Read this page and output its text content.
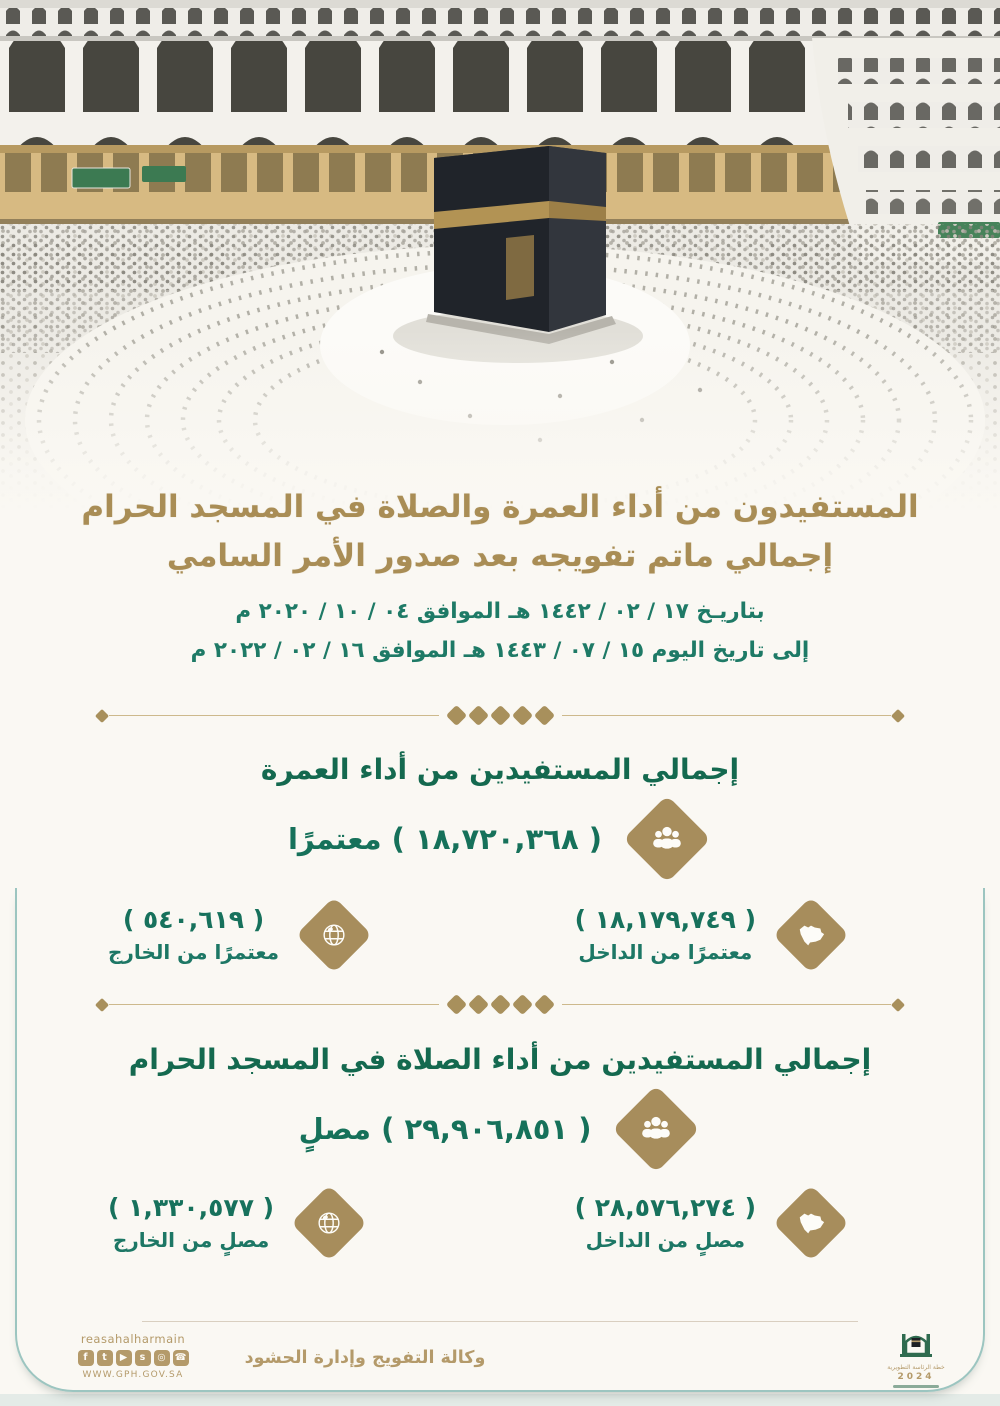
المستفيدون من أداء العمرة والصلاة في المسجد الحرام
إجمالي ماتم تفويجه بعد صدور الأمر السامي
بتاريـخ ١٧ / ٠٢ / ١٤٤٢ هـ الموافق ٠٤ / ١٠ / ٢٠٢٠ م
إلى تاريخ اليوم ١٥ / ٠٧ / ١٤٤٣ هـ الموافق ١٦ / ٠٢ / ٢٠٢٢ م
إجمالي المستفيدين من أداء العمرة
( ١٨,٧٢٠,٣٦٨ ) معتمرًا
( ١٨,١٧٩,٧٤٩ )
معتمرًا من الداخل
( ٥٤٠,٦١٩ )
معتمرًا من الخارج
إجمالي المستفيدين من أداء الصلاة في المسجد الحرام
( ٢٩,٩٠٦,٨٥١ ) مصلٍ
( ٢٨,٥٧٦,٢٧٤ )
مصلٍ من الداخل
( ١,٣٣٠,٥٧٧ )
مصلٍ من الخارج
reasahalharmain
f	t	▶	s	◎ ☎
WWW.GPH.GOV.SA
وكالة التفويج وإدارة الحشود	خطة الرئاسة التطويرية
2024
